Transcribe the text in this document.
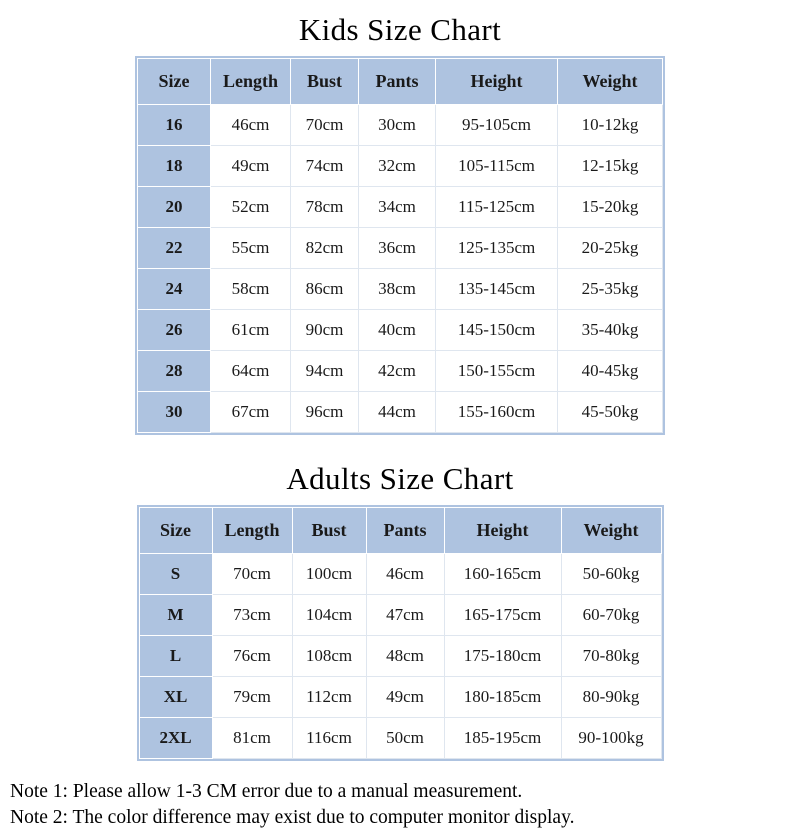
Kids Size Chart
Size	Length	Bust	Pants	Height	Weight
16	46cm	70cm	30cm	95-105cm	10-12kg
18	49cm	74cm	32cm	105-115cm	12-15kg
20	52cm	78cm	34cm	115-125cm	15-20kg
22	55cm	82cm	36cm	125-135cm	20-25kg
24	58cm	86cm	38cm	135-145cm	25-35kg
26	61cm	90cm	40cm	145-150cm	35-40kg
28	64cm	94cm	42cm	150-155cm	40-45kg
30	67cm	96cm	44cm	155-160cm	45-50kg
Adults Size Chart
Size	Length	Bust	Pants	Height	Weight
S	70cm	100cm	46cm	160-165cm	50-60kg
M	73cm	104cm	47cm	165-175cm	60-70kg
L	76cm	108cm	48cm	175-180cm	70-80kg
XL	79cm	112cm	49cm	180-185cm	80-90kg
2XL	81cm	116cm	50cm	185-195cm	90-100kg
Note 1: Please allow 1-3 CM error due to a manual measurement.
Note 2: The color difference may exist due to computer monitor display.
